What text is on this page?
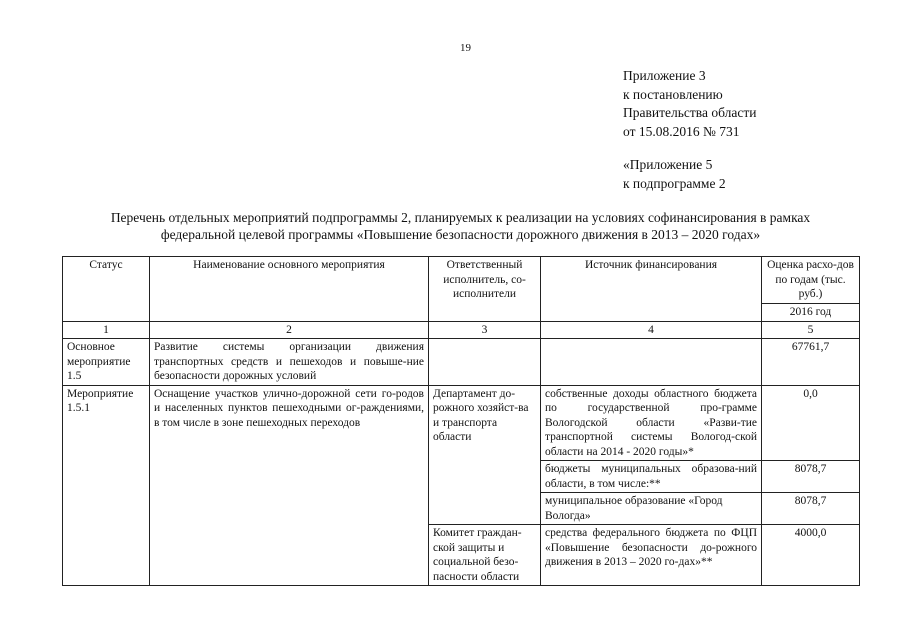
19
Приложение 3
к постановлению
Правительства области
от 15.08.2016 № 731
«Приложение 5
к подпрограмме 2
Перечень отдельных мероприятий подпрограммы 2, планируемых к реализации на условиях софинансирования в рамках
федеральной целевой программы «Повышение безопасности дорожного движения в 2013 – 2020 годах»
Статус	Наименование основного мероприятия	Ответственный исполнитель, со-исполнители	Источник финансирования	Оценка расхо-дов по годам (тыс. руб.)
				2016 год
1	2	3	4	5
Основное мероприятие 1.5	Развитие системы организации движения транспортных средств и пешеходов и повыше-ние безопасности дорожных условий			67761,7
Мероприятие 1.5.1	Оснащение участков улично-дорожной сети го-родов и населенных пунктов пешеходными ог-раждениями, в том числе в зоне пешеходных переходов	Департамент до-рожного хозяйст-ва и транспорта области	собственные доходы областного бюджета по государственной про-грамме Вологодской области «Разви-тие транспортной системы Вологод-ской области на 2014 - 2020 годы»*	0,0
			бюджеты муниципальных образова-ний области, в том числе:**	8078,7
			муниципальное образование «Город Вологда»	8078,7
		Комитет граждан-ской защиты и социальной безо-пасности области	средства федерального бюджета по ФЦП «Повышение безопасности до-рожного движения в 2013 – 2020 го-дах»**	4000,0
